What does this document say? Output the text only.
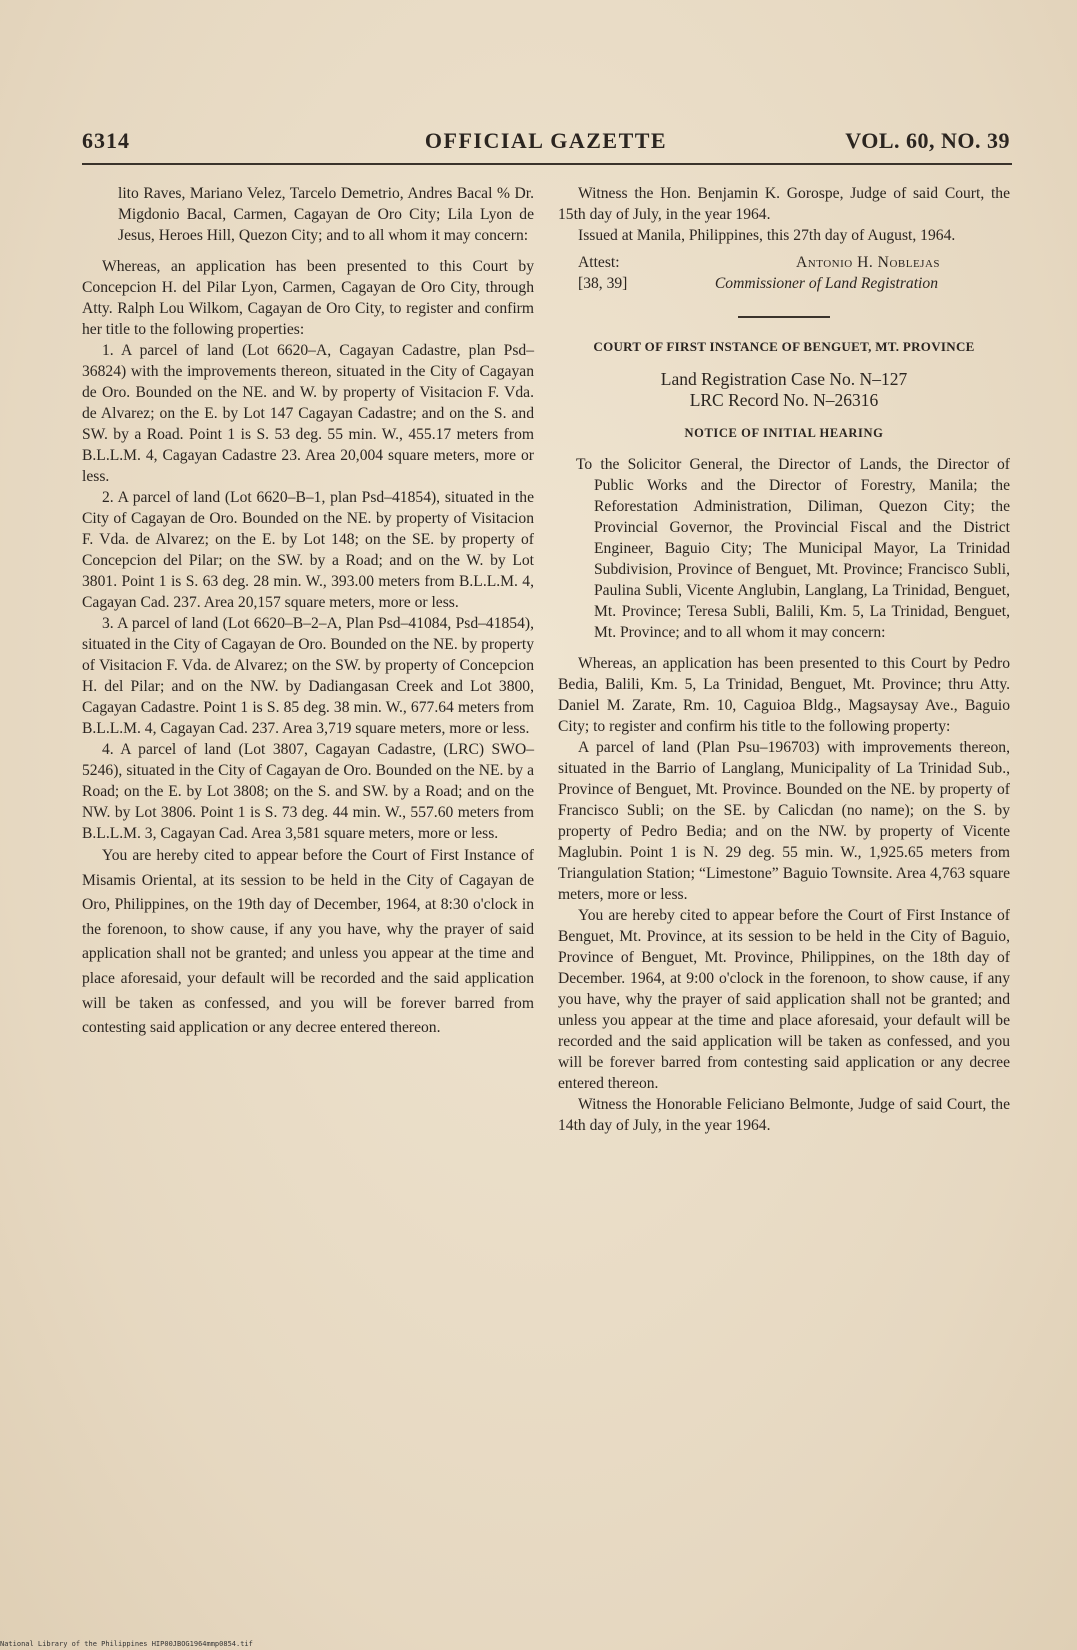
6314	OFFICIAL GAZETTE	VOL. 60, NO. 39

lito Raves, Mariano Velez, Tarcelo Demetrio, Andres Bacal % Dr. Migdonio Bacal, Carmen, Cagayan de Oro City; Lila Lyon de Jesus, Heroes Hill, Quezon City; and to all whom it may concern:

Whereas, an application has been presented to this Court by Concepcion H. del Pilar Lyon, Carmen, Cagayan de Oro City, through Atty. Ralph Lou Wilkom, Cagayan de Oro City, to register and confirm her title to the following properties:

1. A parcel of land (Lot 6620–A, Cagayan Cadastre, plan Psd–36824) with the improvements thereon, situated in the City of Cagayan de Oro. Bounded on the NE. and W. by property of Visitacion F. Vda. de Alvarez; on the E. by Lot 147 Cagayan Cadastre; and on the S. and SW. by a Road. Point 1 is S. 53 deg. 55 min. W., 455.17 meters from B.L.L.M. 4, Cagayan Cadastre 23. Area 20,004 square meters, more or less.

2. A parcel of land (Lot 6620–B–1, plan Psd–41854), situated in the City of Cagayan de Oro. Bounded on the NE. by property of Visitacion F. Vda. de Alvarez; on the E. by Lot 148; on the SE. by property of Concepcion del Pilar; on the SW. by a Road; and on the W. by Lot 3801. Point 1 is S. 63 deg. 28 min. W., 393.00 meters from B.L.L.M. 4, Cagayan Cad. 237. Area 20,157 square meters, more or less.

3. A parcel of land (Lot 6620–B–2–A, Plan Psd–41084, Psd–41854), situated in the City of Cagayan de Oro. Bounded on the NE. by property of Visitacion F. Vda. de Alvarez; on the SW. by property of Concepcion H. del Pilar; and on the NW. by Dadiangasan Creek and Lot 3800, Cagayan Cadastre. Point 1 is S. 85 deg. 38 min. W., 677.64 meters from B.L.L.M. 4, Cagayan Cad. 237. Area 3,719 square meters, more or less.

4. A parcel of land (Lot 3807, Cagayan Cadastre, (LRC) SWO–5246), situated in the City of Cagayan de Oro. Bounded on the NE. by a Road; on the E. by Lot 3808; on the S. and SW. by a Road; and on the NW. by Lot 3806. Point 1 is S. 73 deg. 44 min. W., 557.60 meters from B.L.L.M. 3, Cagayan Cad. Area 3,581 square meters, more or less.

You are hereby cited to appear before the Court of First Instance of Misamis Oriental, at its session to be held in the City of Cagayan de Oro, Philippines, on the 19th day of December, 1964, at 8:30 o'clock in the forenoon, to show cause, if any you have, why the prayer of said application shall not be granted; and unless you appear at the time and place aforesaid, your default will be recorded and the said application will be taken as confessed, and you will be forever barred from contesting said application or any decree entered thereon.

Witness the Hon. Benjamin K. Gorospe, Judge of said Court, the 15th day of July, in the year 1964.

Issued at Manila, Philippines, this 27th day of August, 1964.

Attest:	Antonio H. Noblejas
[38, 39]	Commissioner of Land Registration

COURT OF FIRST INSTANCE OF BENGUET, MT. PROVINCE

Land Registration Case No. N–127

LRC Record No. N–26316

NOTICE OF INITIAL HEARING

To the Solicitor General, the Director of Lands, the Director of Public Works and the Director of Forestry, Manila; the Reforestation Administration, Diliman, Quezon City; the Provincial Governor, the Provincial Fiscal and the District Engineer, Baguio City; The Municipal Mayor, La Trinidad Subdivision, Province of Benguet, Mt. Province; Francisco Subli, Paulina Subli, Vicente Anglubin, Langlang, La Trinidad, Benguet, Mt. Province; Teresa Subli, Balili, Km. 5, La Trinidad, Benguet, Mt. Province; and to all whom it may concern:

Whereas, an application has been presented to this Court by Pedro Bedia, Balili, Km. 5, La Trinidad, Benguet, Mt. Province; thru Atty. Daniel M. Zarate, Rm. 10, Caguioa Bldg., Magsaysay Ave., Baguio City; to register and confirm his title to the following property:

A parcel of land (Plan Psu–196703) with improvements thereon, situated in the Barrio of Langlang, Municipality of La Trinidad Sub., Province of Benguet, Mt. Province. Bounded on the NE. by property of Francisco Subli; on the SE. by Calicdan (no name); on the S. by property of Pedro Bedia; and on the NW. by property of Vicente Maglubin. Point 1 is N. 29 deg. 55 min. W., 1,925.65 meters from Triangulation Station; “Limestone” Baguio Townsite. Area 4,763 square meters, more or less.

You are hereby cited to appear before the Court of First Instance of Benguet, Mt. Province, at its session to be held in the City of Baguio, Province of Benguet, Mt. Province, Philippines, on the 18th day of December. 1964, at 9:00 o'clock in the forenoon, to show cause, if any you have, why the prayer of said application shall not be granted; and unless you appear at the time and place aforesaid, your default will be recorded and the said application will be taken as confessed, and you will be forever barred from contesting said application or any decree entered thereon.

Witness the Honorable Feliciano Belmonte, Judge of said Court, the 14th day of July, in the year 1964.

National Library of the Philippines HIP00JBOG1964mmp0854.tif
